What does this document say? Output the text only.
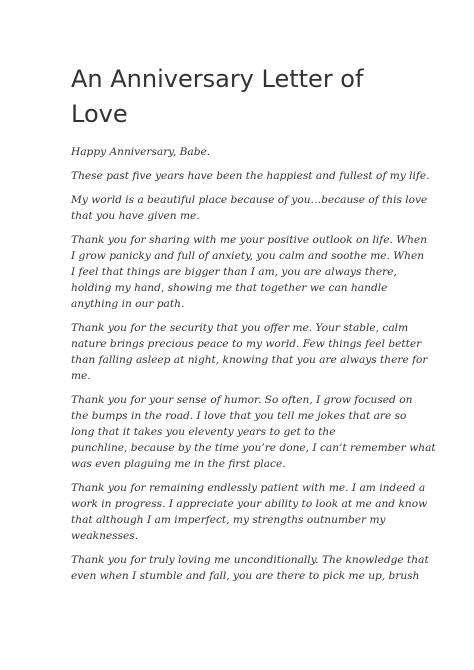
An Anniversary Letter of
Love

Happy Anniversary, Babe.

These past five years have been the happiest and fullest of my life.

My world is a beautiful place because of you…because of this love
that you have given me.

Thank you for sharing with me your positive outlook on life. When
I grow panicky and full of anxiety, you calm and soothe me. When
I feel that things are bigger than I am, you are always there,
holding my hand, showing me that together we can handle
anything in our path.

Thank you for the security that you offer me. Your stable, calm
nature brings precious peace to my world. Few things feel better
than falling asleep at night, knowing that you are always there for
me.

Thank you for your sense of humor. So often, I grow focused on
the bumps in the road. I love that you tell me jokes that are so
long that it takes you eleventy years to get to the
punchline, because by the time you’re done, I can’t remember what
was even plaguing me in the first place.

Thank you for remaining endlessly patient with me. I am indeed a
work in progress. I appreciate your ability to look at me and know
that although I am imperfect, my strengths outnumber my
weaknesses.

Thank you for truly loving me unconditionally. The knowledge that
even when I stumble and fall, you are there to pick me up, brush
